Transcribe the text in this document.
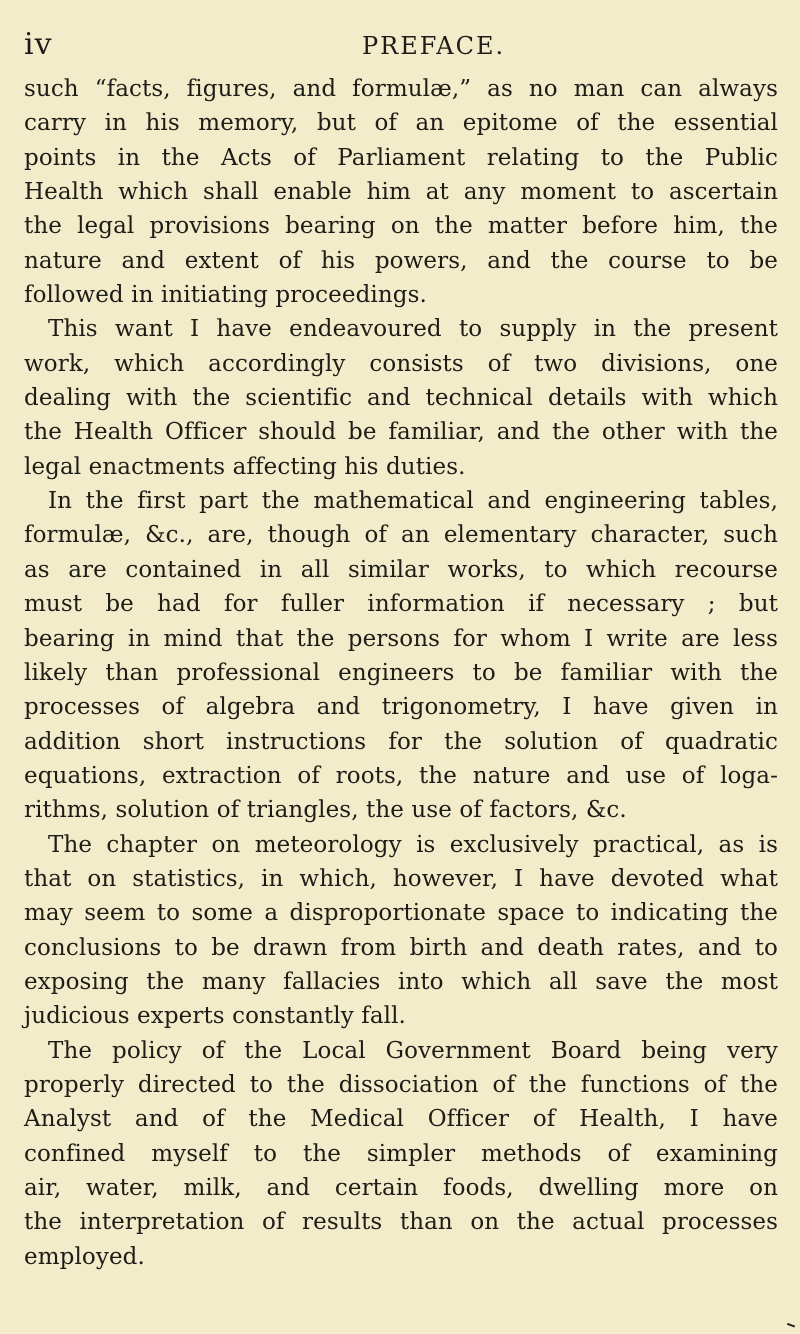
iv	PREFACE.
such “facts, figures, and formulæ,” as no man can always
carry in his memory, but of an epitome of the essential
points in the Acts of Parliament relating to the Public
Health which shall enable him at any moment to ascertain
the legal provisions bearing on the matter before him, the
nature and extent of his powers, and the course to be
followed in initiating proceedings.
This want I have endeavoured to supply in the present
work, which accordingly consists of two divisions, one
dealing with the scientific and technical details with which
the Health Officer should be familiar, and the other with the
legal enactments affecting his duties.
In the first part the mathematical and engineering tables,
formulæ, &c., are, though of an elementary character, such
as are contained in all similar works, to which recourse
must be had for fuller information if necessary ; but
bearing in mind that the persons for whom I write are less
likely than professional engineers to be familiar with the
processes of algebra and trigonometry, I have given in
addition short instructions for the solution of quadratic
equations, extraction of roots, the nature and use of loga-
rithms, solution of triangles, the use of factors, &c.
The chapter on meteorology is exclusively practical, as is
that on statistics, in which, however, I have devoted what
may seem to some a disproportionate space to indicating the
conclusions to be drawn from birth and death rates, and to
exposing the many fallacies into which all save the most
judicious experts constantly fall.
The policy of the Local Government Board being very
properly directed to the dissociation of the functions of the
Analyst and of the Medical Officer of Health, I have
confined myself to the simpler methods of examining
air, water, milk, and certain foods, dwelling more on
the interpretation of results than on the actual processes
employed.
